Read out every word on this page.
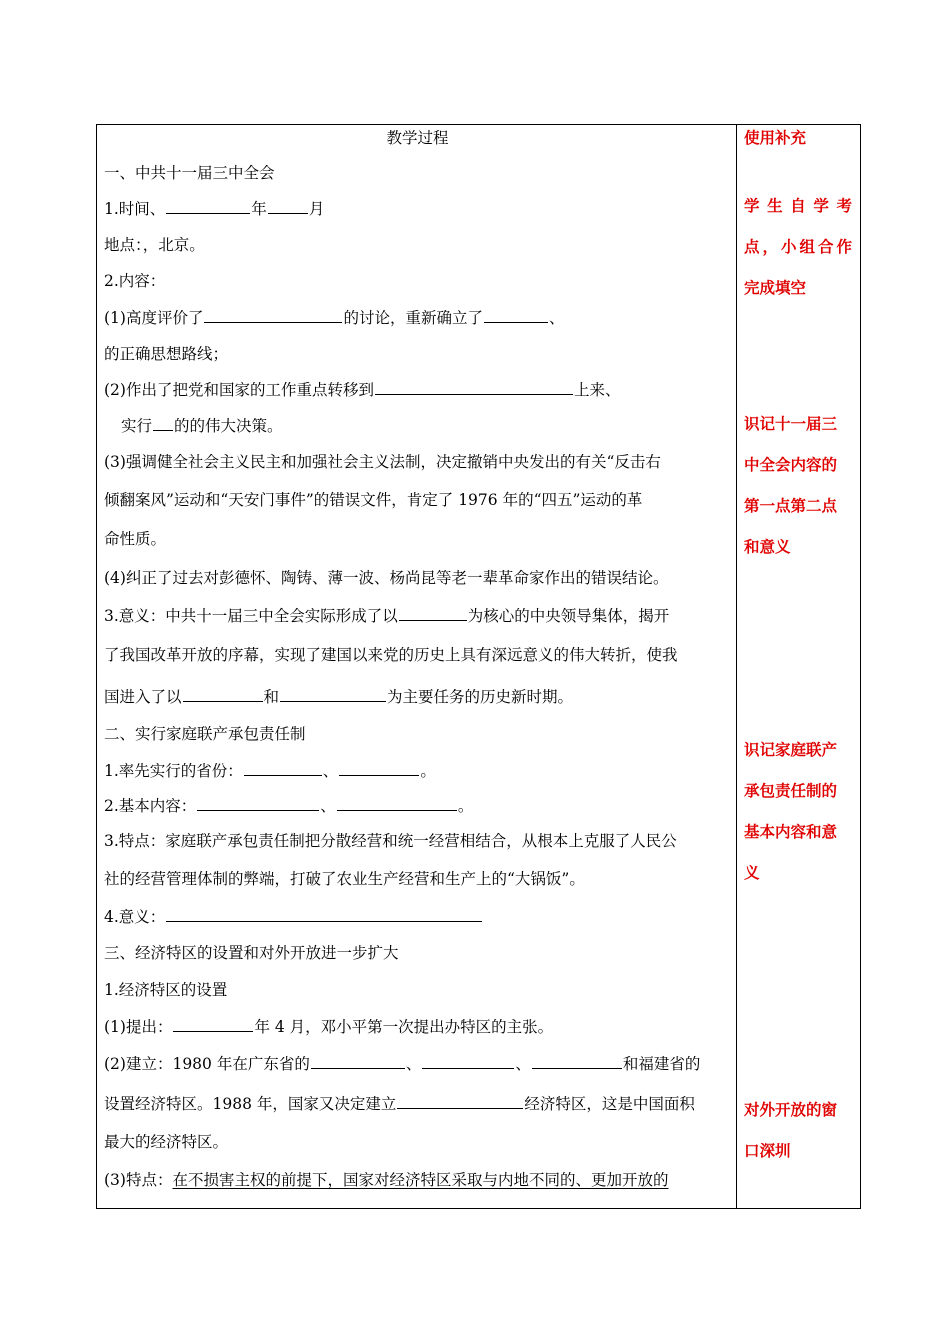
教学过程
一、中共十一届三中全会
1.时间、	年	月
地点：，北京。
2.内容：
(1)高度评价了	的讨论，重新确立了	、
的正确思想路线；
(2)作出了把党和国家的工作重点转移到	上来、
实行 的的伟大决策。
(3)强调健全社会主义民主和加强社会主义法制，决定撤销中央发出的有关“反击右
倾翻案风”运动和“天安门事件”的错误文件，肯定了 1976 年的“四五”运动的革
命性质。
(4)纠正了过去对彭德怀、陶铸、薄一波、杨尚昆等老一辈革命家作出的错误结论。
3.意义：中共十一届三中全会实际形成了以	为核心的中央领导集体，揭开
了我国改革开放的序幕，实现了建国以来党的历史上具有深远意义的伟大转折，使我
国进入了以	和	为主要任务的历史新时期。
二、实行家庭联产承包责任制
1.率先实行的省份：	、	。
2.基本内容：	、	。
3.特点：家庭联产承包责任制把分散经营和统一经营相结合，从根本上克服了人民公
社的经营管理体制的弊端，打破了农业生产经营和生产上的“大锅饭”。
4.意义：
三、经济特区的设置和对外开放进一步扩大
1.经济特区的设置
(1)提出：	年 4 月，邓小平第一次提出办特区的主张。
(2)建立：1980 年在广东省的	、	、	和福建省的
设置经济特区。1988 年，国家又决定建立	经济特区，这是中国面积
最大的经济特区。
(3)特点：在不损害主权的前提下，国家对经济特区采取与内地不同的、更加开放的
使用补充
学生自学考点，小组合作完成填空
识记十一届三中全会内容的第一点第二点和意义
识记家庭联产承包责任制的基本内容和意义
对外开放的窗口深圳
